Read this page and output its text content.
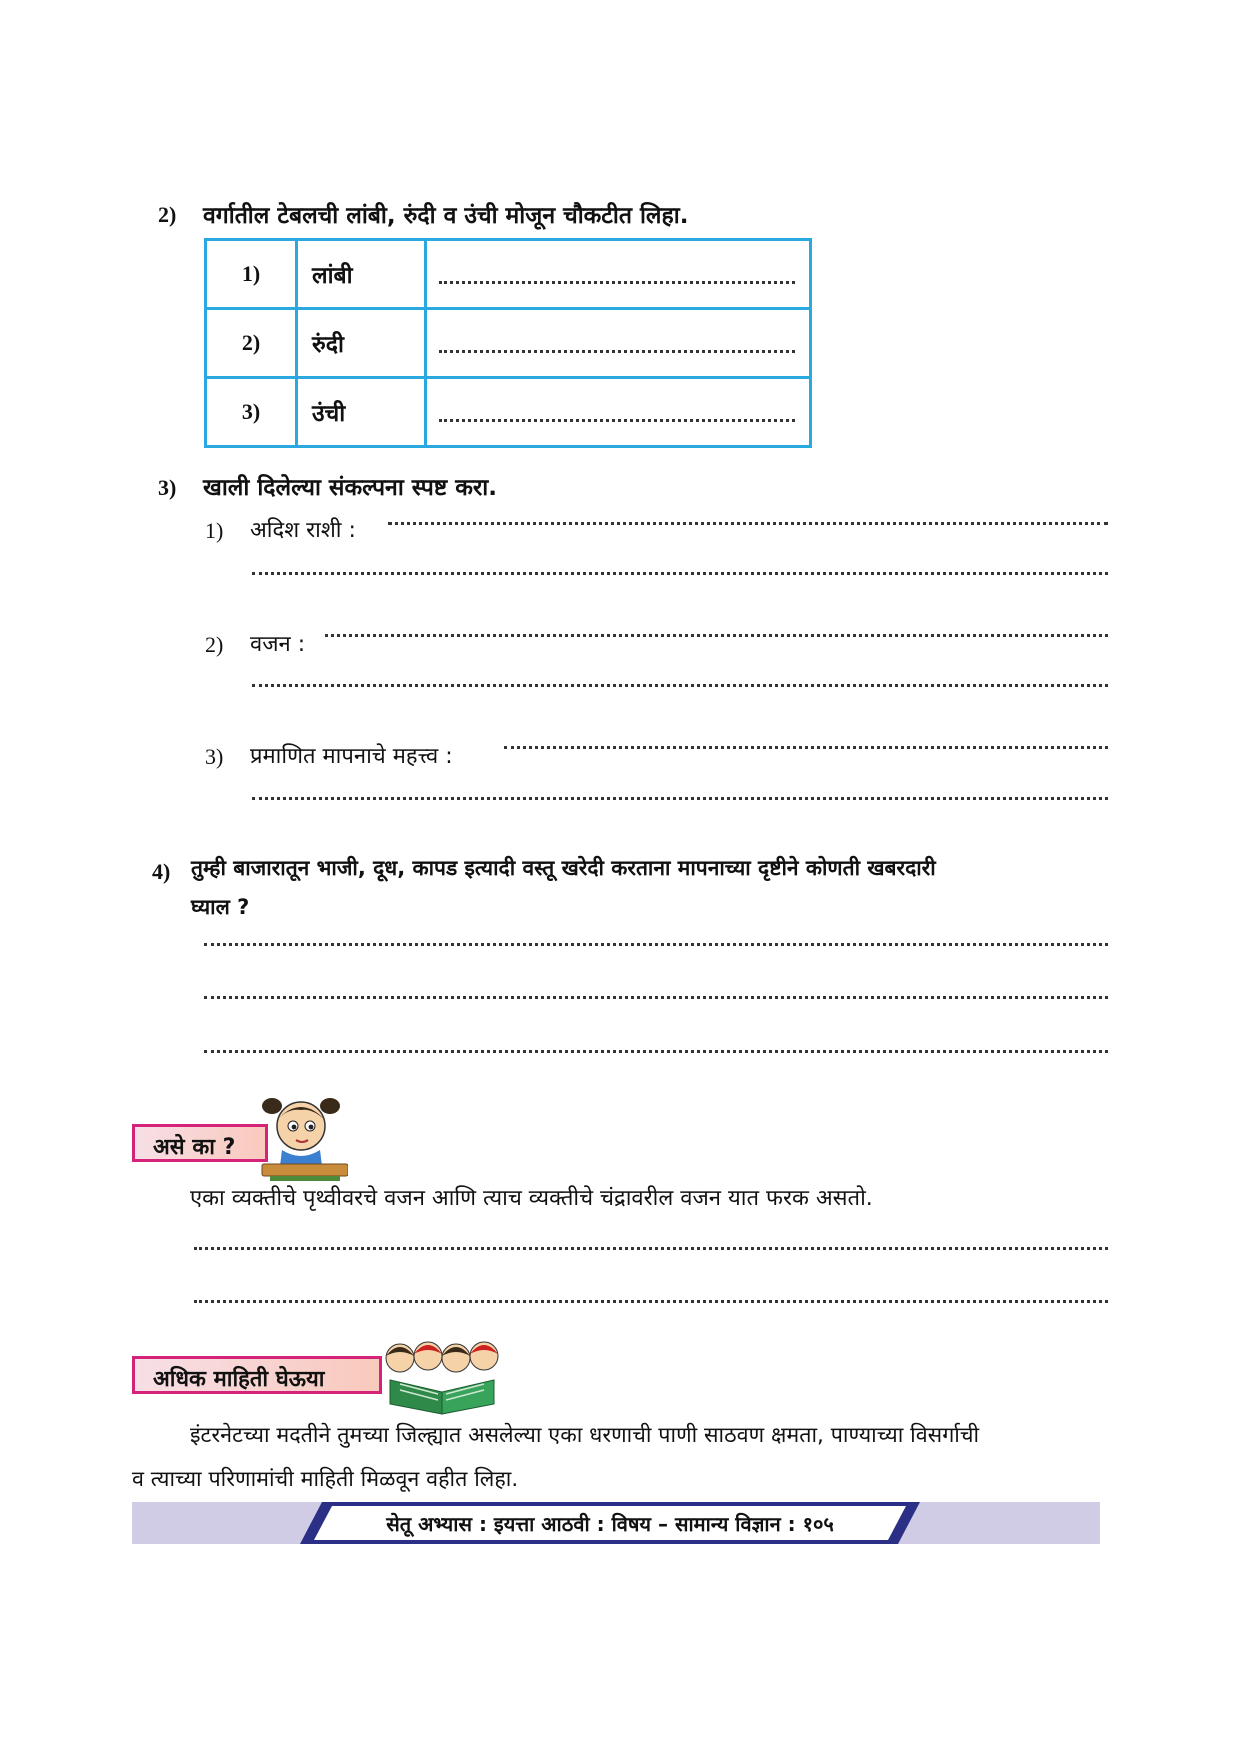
2) वर्गातील टेबलची लांबी, रुंदी व उंची मोजून चौकटीत लिहा.
1)	लांबी	

2)	रुंदी	

3)	उंची	
3) खाली दिलेल्या संकल्पना स्पष्ट करा.
1) अदिश राशी :
2) वजन :
3) प्रमाणित मापनाचे महत्त्व :
4) तुम्ही बाजारातून भाजी, दूध, कापड इत्यादी वस्तू खरेदी करताना मापनाच्या दृष्टीने कोणती खबरदारी
घ्याल ?
असे का ?
एका व्यक्तीचे पृथ्वीवरचे वजन आणि त्याच व्यक्तीचे चंद्रावरील वजन यात फरक असतो.
अधिक माहिती घेऊया
इंटरनेटच्या मदतीने तुमच्या जिल्ह्यात असलेल्या एका धरणाची पाणी साठवण क्षमता, पाण्याच्या विसर्गाची
व त्याच्या परिणामांची माहिती मिळवून वहीत लिहा.
सेतू अभ्यास : इयत्ता आठवी : विषय – सामान्य विज्ञान : १०५
